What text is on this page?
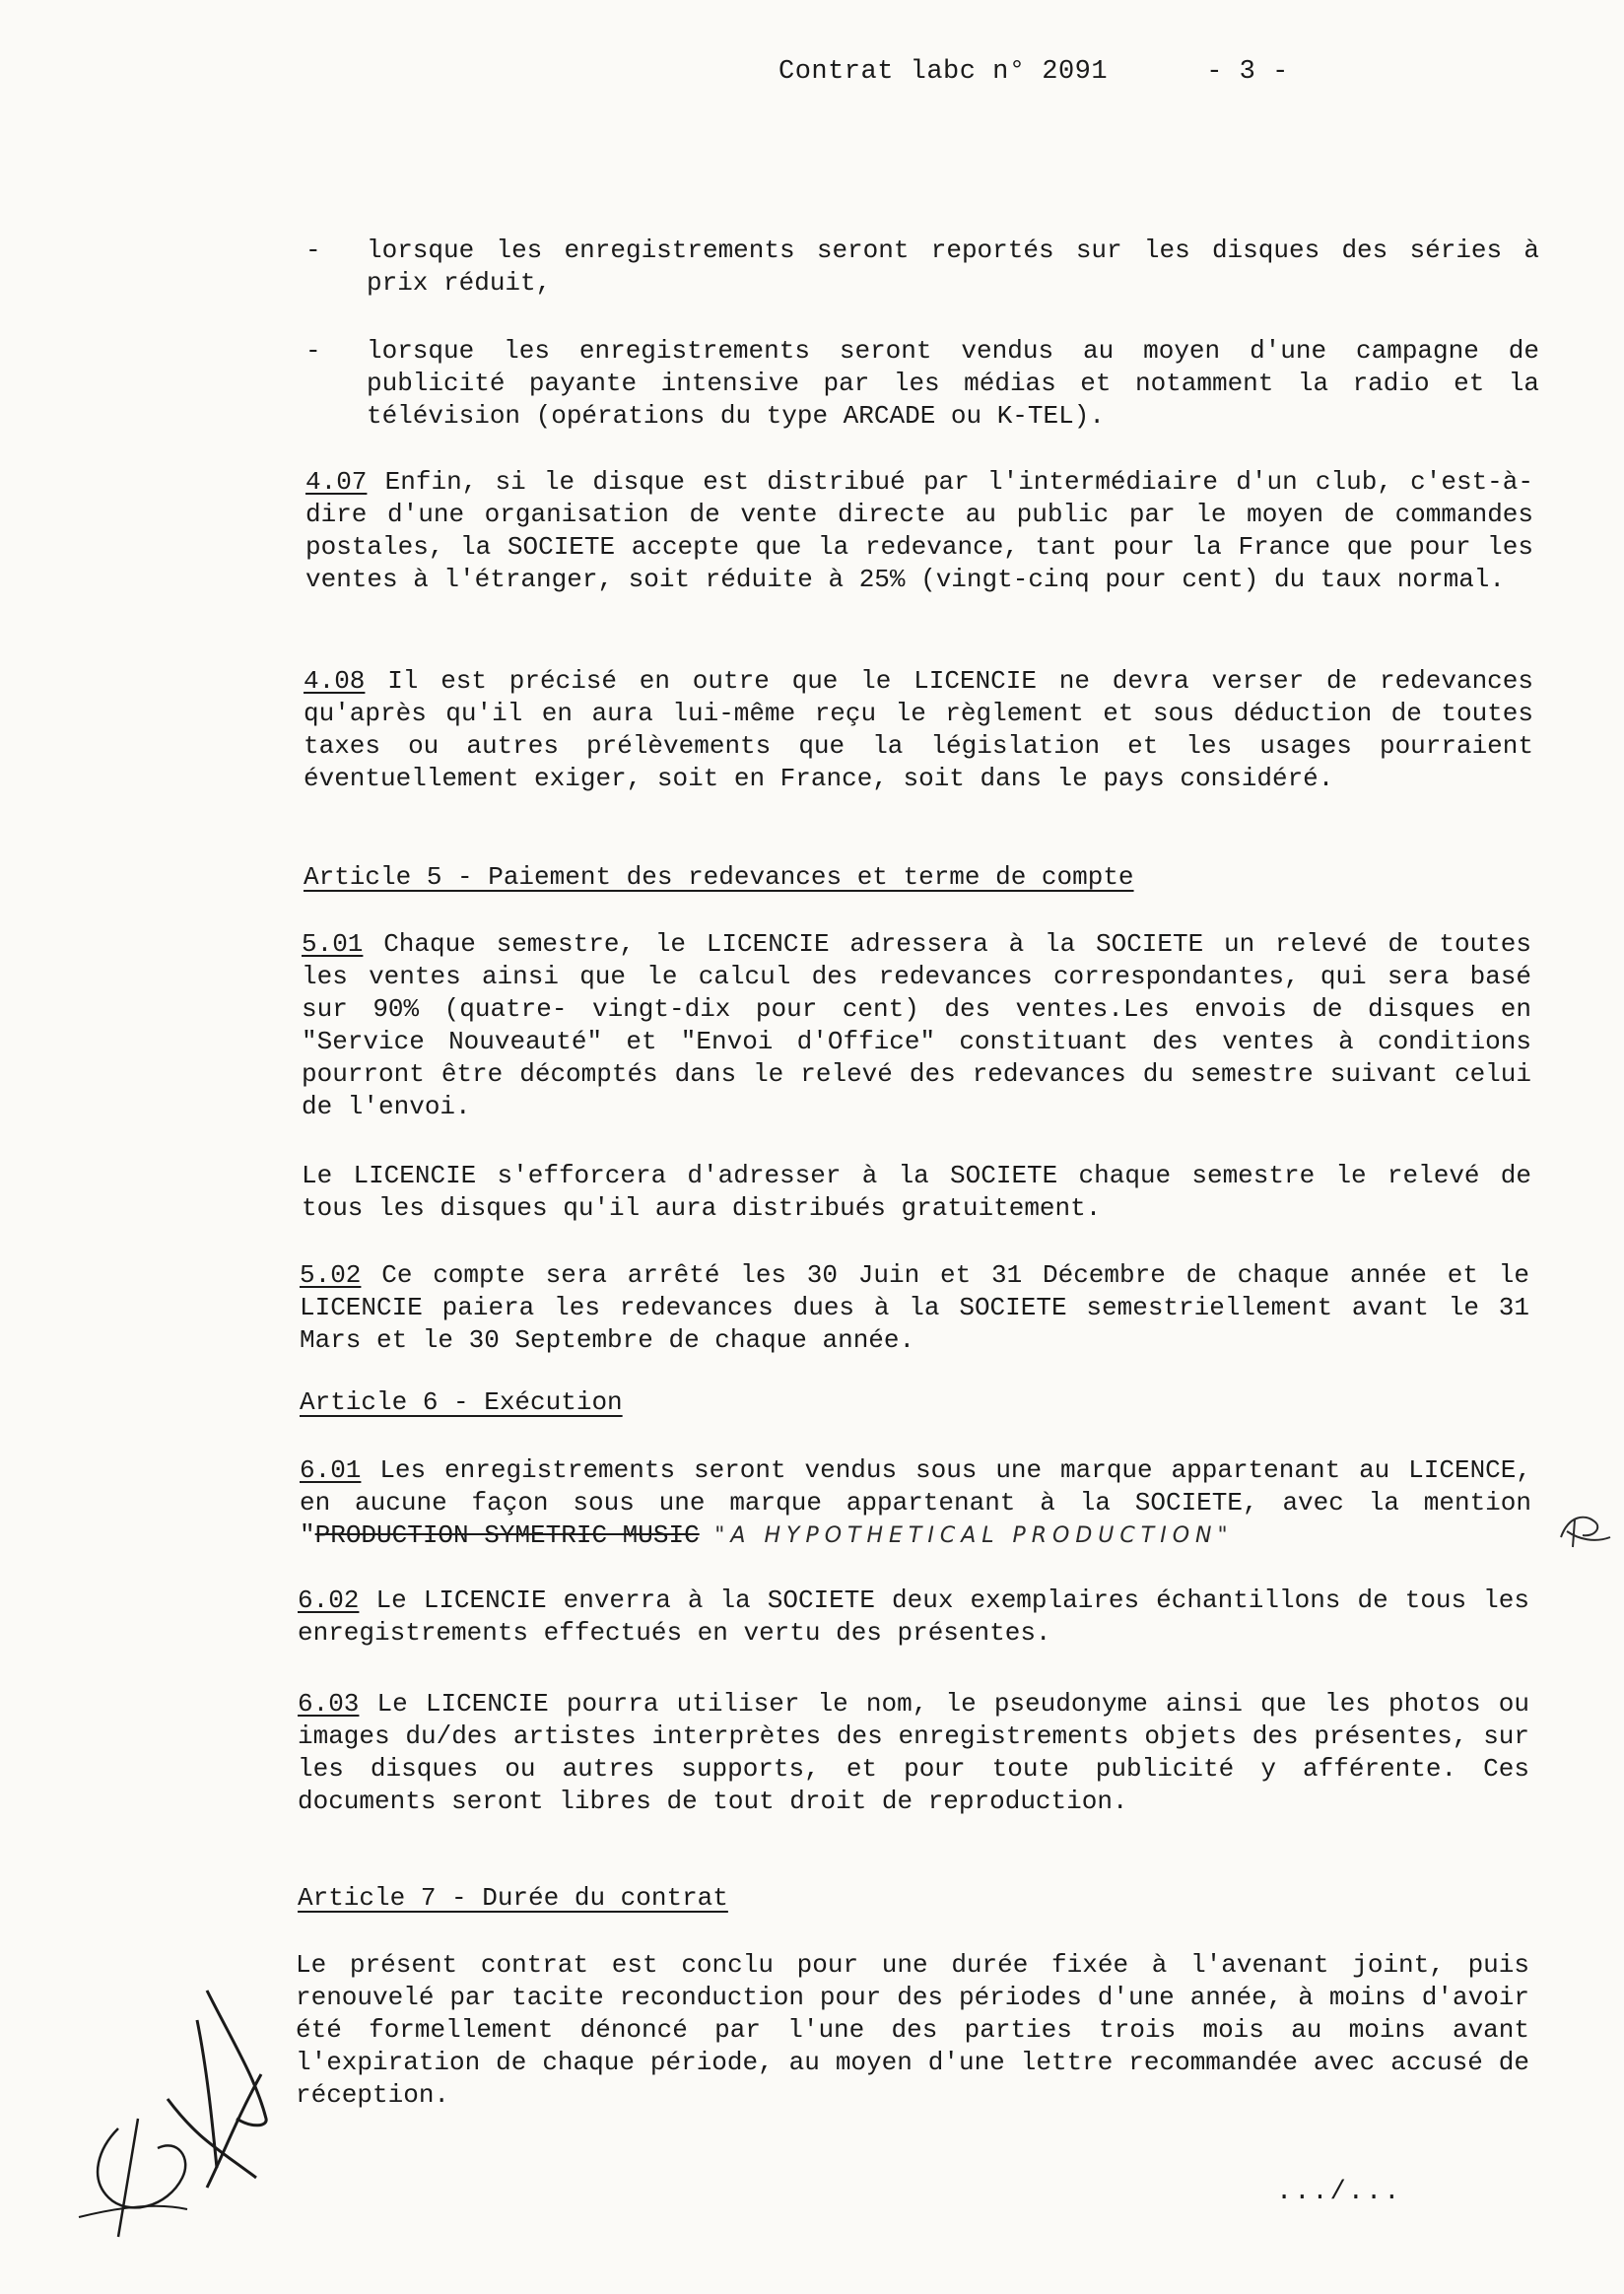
Contrat labc n° 2091	- 3 -
- lorsque les enregistrements seront reportés sur les disques des séries à prix réduit,
- lorsque les enregistrements seront vendus au moyen d'une campagne de publicité payante intensive par les médias et notamment la radio et la télévision (opérations du type ARCADE ou K-TEL).

4.07 Enfin, si le disque est distribué par l'intermédiaire d'un club, c'est-à-dire d'une organisation de vente directe au public par le moyen de commandes postales, la SOCIETE accepte que la redevance, tant pour la France que pour les ventes à l'étranger, soit réduite à 25% (vingt-cinq pour cent) du taux normal.

4.08 Il est précisé en outre que le LICENCIE ne devra verser de redevances qu'après qu'il en aura lui-même reçu le règlement et sous déduction de toutes taxes ou autres prélèvements que la législation et les usages pourraient éventuellement exiger, soit en France, soit dans le pays considéré.

Article 5 - Paiement des redevances et terme de compte

5.01 Chaque semestre, le LICENCIE adressera à la SOCIETE un relevé de toutes les ventes ainsi que le calcul des redevances correspondantes, qui sera basé sur 90% (quatre- vingt-dix pour cent) des ventes.Les envois de disques en "Service Nouveauté" et "Envoi d'Office" constituant des ventes à conditions pourront être décomptés dans le relevé des redevances du semestre suivant celui de l'envoi.

Le LICENCIE s'efforcera d'adresser à la SOCIETE chaque semestre le relevé de tous les disques qu'il aura distribués gratuitement.

5.02 Ce compte sera arrêté les 30 Juin et 31 Décembre de chaque année et le LICENCIE paiera les redevances dues à la SOCIETE semestriellement avant le 31 Mars et le 30 Septembre de chaque année.

Article 6 - Exécution

6.01 Les enregistrements seront vendus sous une marque appartenant au LICENCE, en aucune façon sous une marque appartenant à la SOCIETE, avec la mention "PRODUCTION SYMETRIC MUSIC "A HYPOTHETICAL PRODUCTION"

6.02 Le LICENCIE enverra à la SOCIETE deux exemplaires échantillons de tous les enregistrements effectués en vertu des présentes.

6.03 Le LICENCIE pourra utiliser le nom, le pseudonyme ainsi que les photos ou images du/des artistes interprètes des enregistrements objets des présentes, sur les disques ou autres supports, et pour toute publicité y afférente. Ces documents seront libres de tout droit de reproduction.

Article 7 - Durée du contrat

Le présent contrat est conclu pour une durée fixée à l'avenant joint, puis renouvelé par tacite reconduction pour des périodes d'une année, à moins d'avoir été formellement dénoncé par l'une des parties trois mois au moins avant l'expiration de chaque période, au moyen d'une lettre recommandée avec accusé de réception.

.../...
